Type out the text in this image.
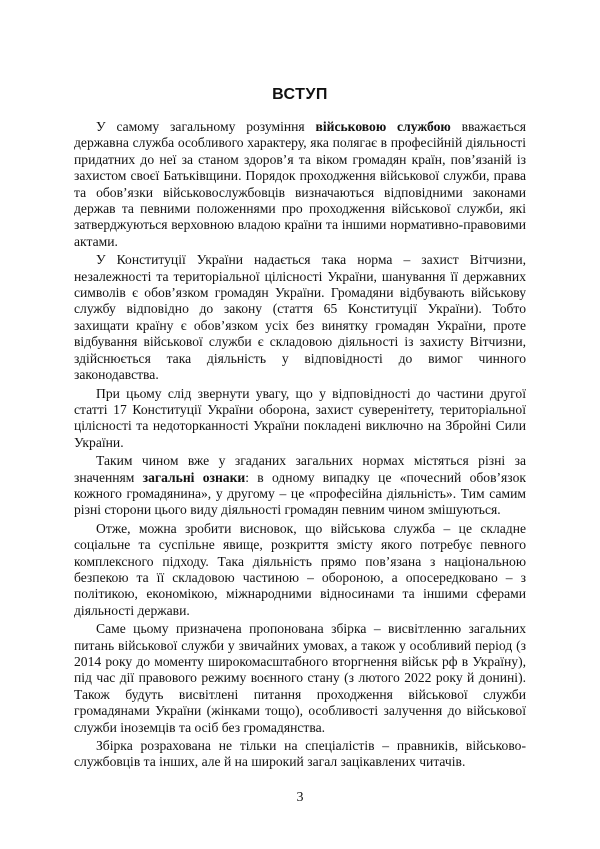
ВСТУП

У самому загальному розумiння військовою службою вважається державна служба особливого характеру, яка полягає в професійній діяльності придатних до неї за станом здоров’я та віком громадян країн, пов’язаній із захистом своєї Батьківщини. Порядок проходження військової служби, права та обов’язки військовослужбовців визначаються відповідними законами держав та певними положеннями про проходження військової служби, які затверджуються верховною владою країни та іншими нормативно-правовими актами.

У Конституції України надається така норма – захист Вітчизни, незалежності та територіальної цілісності України, шанування її державних символів є обов’язком громадян України. Громадяни відбувають військову службу відповідно до закону (стаття 65 Конституції України). Тобто захищати країну є обов’язком усіх без винятку громадян України, проте відбування військової служби є складовою діяльності із захисту Вітчизни, здійснюється така діяльність у відповідності до вимог чинного законодавства.

При цьому слід звернути увагу, що у відповідності до частини другої статті 17 Конституції України оборона, захист суверенітету, територіальної цілісності та недоторканності України покладені виключно на Збройні Сили України.

Таким чином вже у згаданих загальних нормах містяться різні за значенням загальні ознаки: в одному випадку це «почесний обов’язок кожного громадянина», у другому – це «професійна діяльність». Тим самим різні сторони цього виду діяльності громадян певним чином змішуються.

Отже, можна зробити висновок, що військова служба – це складне соціальне та суспільне явище, розкриття змісту якого потребує певного комплексного підходу. Така діяльність прямо пов’язана з національною безпекою та її складовою частиною – обороною, а опосередковано – з політикою, економікою, міжнародними відносинами та іншими сферами діяльності держави.

Саме цьому призначена пропонована збірка – висвітленню загальних питань військової служби у звичайних умовах, а також у особливий період (з 2014 року до моменту широкомасштабного вторгнення військ рф в Україну), під час дії правового режиму воєнного стану (з лютого 2022 року й донині). Також будуть висвітлені питання проходження військової служби громадянами України (жінками тощо), особливості залучення до військової служби іноземців та осіб без громадянства.

Збірка розрахована не тільки на спеціалістів – правників, військово-службовців та інших, але й на широкий загал зацікавлених читачів.

3
